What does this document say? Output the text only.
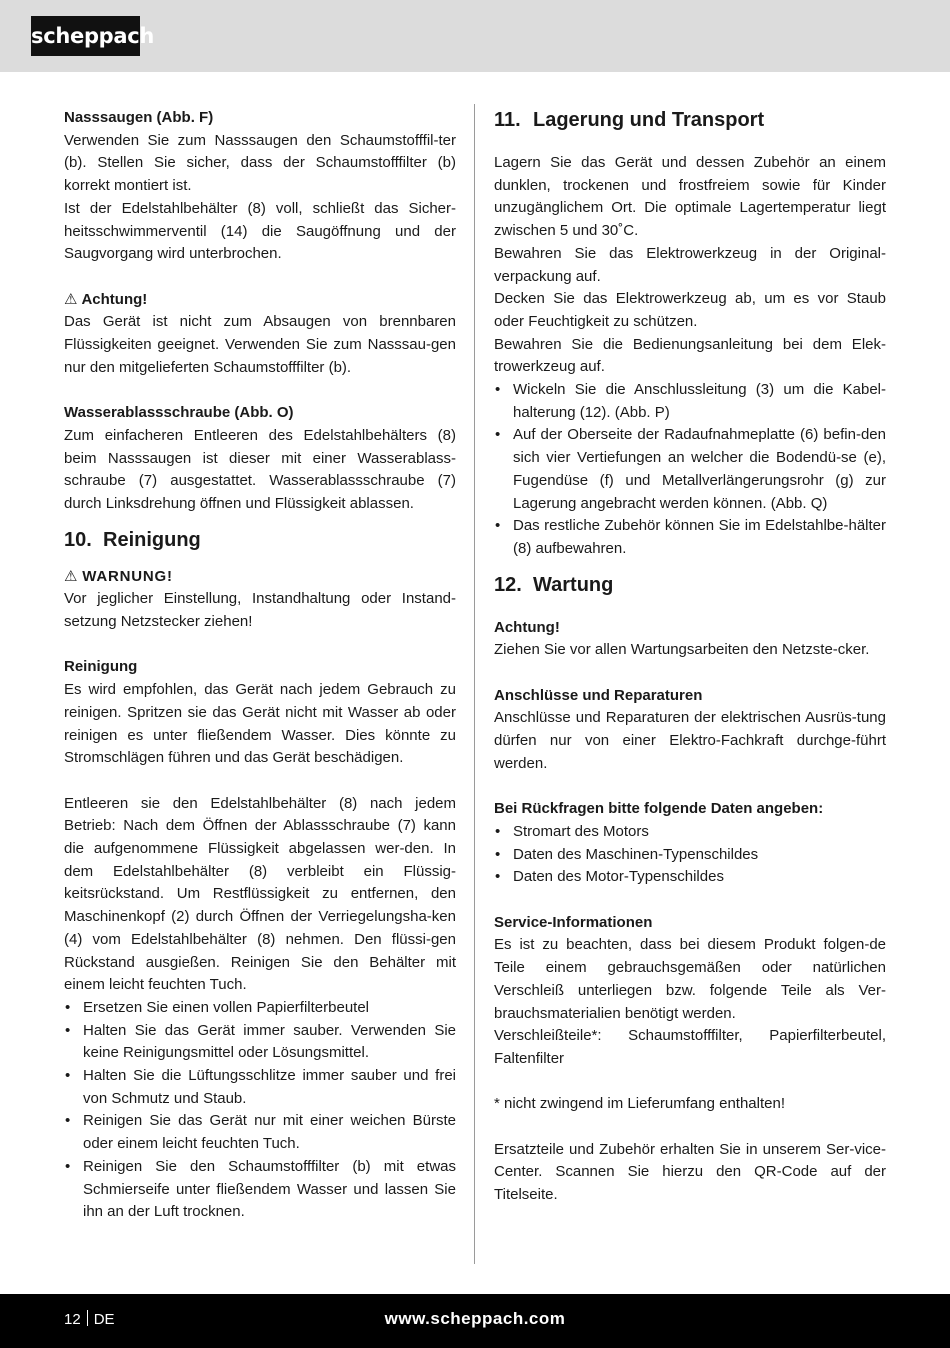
scheppach

Nasssaugen (Abb. F)

Verwenden Sie zum Nasssaugen den Schaumstofffil-ter (b). Stellen Sie sicher, dass der Schaumstofffilter (b) korrekt montiert ist.

Ist der Edelstahlbehälter (8) voll, schließt das Sicher-heitsschwimmerventil (14) die Saugöffnung und der Saugvorgang wird unterbrochen.

⚠ Achtung!

Das Gerät ist nicht zum Absaugen von brennbaren Flüssigkeiten geeignet. Verwenden Sie zum Nasssau-gen nur den mitgelieferten Schaumstofffilter (b).

Wasserablassschraube (Abb. O)

Zum einfacheren Entleeren des Edelstahlbehälters (8) beim Nasssaugen ist dieser mit einer Wasserablass-schraube (7) ausgestattet. Wasserablassschraube (7) durch Linksdrehung öffnen und Flüssigkeit ablassen.

10. Reinigung

⚠ WARNUNG!

Vor jeglicher Einstellung, Instandhaltung oder Instand-setzung Netzstecker ziehen!

Reinigung

Es wird empfohlen, das Gerät nach jedem Gebrauch zu reinigen. Spritzen sie das Gerät nicht mit Wasser ab oder reinigen es unter fließendem Wasser. Dies könnte zu Stromschlägen führen und das Gerät beschädigen.

Entleeren sie den Edelstahlbehälter (8) nach jedem Betrieb: Nach dem Öffnen der Ablassschraube (7) kann die aufgenommene Flüssigkeit abgelassen wer-den. In dem Edelstahlbehälter (8) verbleibt ein Flüssig-keitsrückstand. Um Restflüssigkeit zu entfernen, den Maschinenkopf (2) durch Öffnen der Verriegelungsha-ken (4) vom Edelstahlbehälter (8) nehmen. Den flüssi-gen Rückstand ausgießen. Reinigen Sie den Behälter mit einem leicht feuchten Tuch.

• Ersetzen Sie einen vollen Papierfilterbeutel
• Halten Sie das Gerät immer sauber. Verwenden Sie keine Reinigungsmittel oder Lösungsmittel.
• Halten Sie die Lüftungsschlitze immer sauber und frei von Schmutz und Staub.
• Reinigen Sie das Gerät nur mit einer weichen Bürste oder einem leicht feuchten Tuch.
• Reinigen Sie den Schaumstofffilter (b) mit etwas Schmierseife unter fließendem Wasser und lassen Sie ihn an der Luft trocknen.

11. Lagerung und Transport

Lagern Sie das Gerät und dessen Zubehör an einem dunklen, trockenen und frostfreiem sowie für Kinder unzugänglichem Ort. Die optimale Lagertemperatur liegt zwischen 5 und 30˚C.

Bewahren Sie das Elektrowerkzeug in der Original-verpackung auf.

Decken Sie das Elektrowerkzeug ab, um es vor Staub oder Feuchtigkeit zu schützen.

Bewahren Sie die Bedienungsanleitung bei dem Elek-trowerkzeug auf.

• Wickeln Sie die Anschlussleitung (3) um die Kabel-halterung (12). (Abb. P)
• Auf der Oberseite der Radaufnahmeplatte (6) befin-den sich vier Vertiefungen an welcher die Bodendü-se (e), Fugendüse (f) und Metallverlängerungsrohr (g) zur Lagerung angebracht werden können. (Abb. Q)
• Das restliche Zubehör können Sie im Edelstahlbe-hälter (8) aufbewahren.

12. Wartung

Achtung!

Ziehen Sie vor allen Wartungsarbeiten den Netzste-cker.

Anschlüsse und Reparaturen

Anschlüsse und Reparaturen der elektrischen Ausrüs-tung dürfen nur von einer Elektro-Fachkraft durchge-führt werden.

Bei Rückfragen bitte folgende Daten angeben:

• Stromart des Motors
• Daten des Maschinen-Typenschildes
• Daten des Motor-Typenschildes

Service-Informationen

Es ist zu beachten, dass bei diesem Produkt folgen-de Teile einem gebrauchsgemäßen oder natürlichen Verschleiß unterliegen bzw. folgende Teile als Ver-brauchsmaterialien benötigt werden.

Verschleißteile*: Schaumstofffilter, Papierfilterbeutel, Faltenfilter

* nicht zwingend im Lieferumfang enthalten!

Ersatzteile und Zubehör erhalten Sie in unserem Ser-vice-Center. Scannen Sie hierzu den QR-Code auf der Titelseite.

12 DE	www.scheppach.com
